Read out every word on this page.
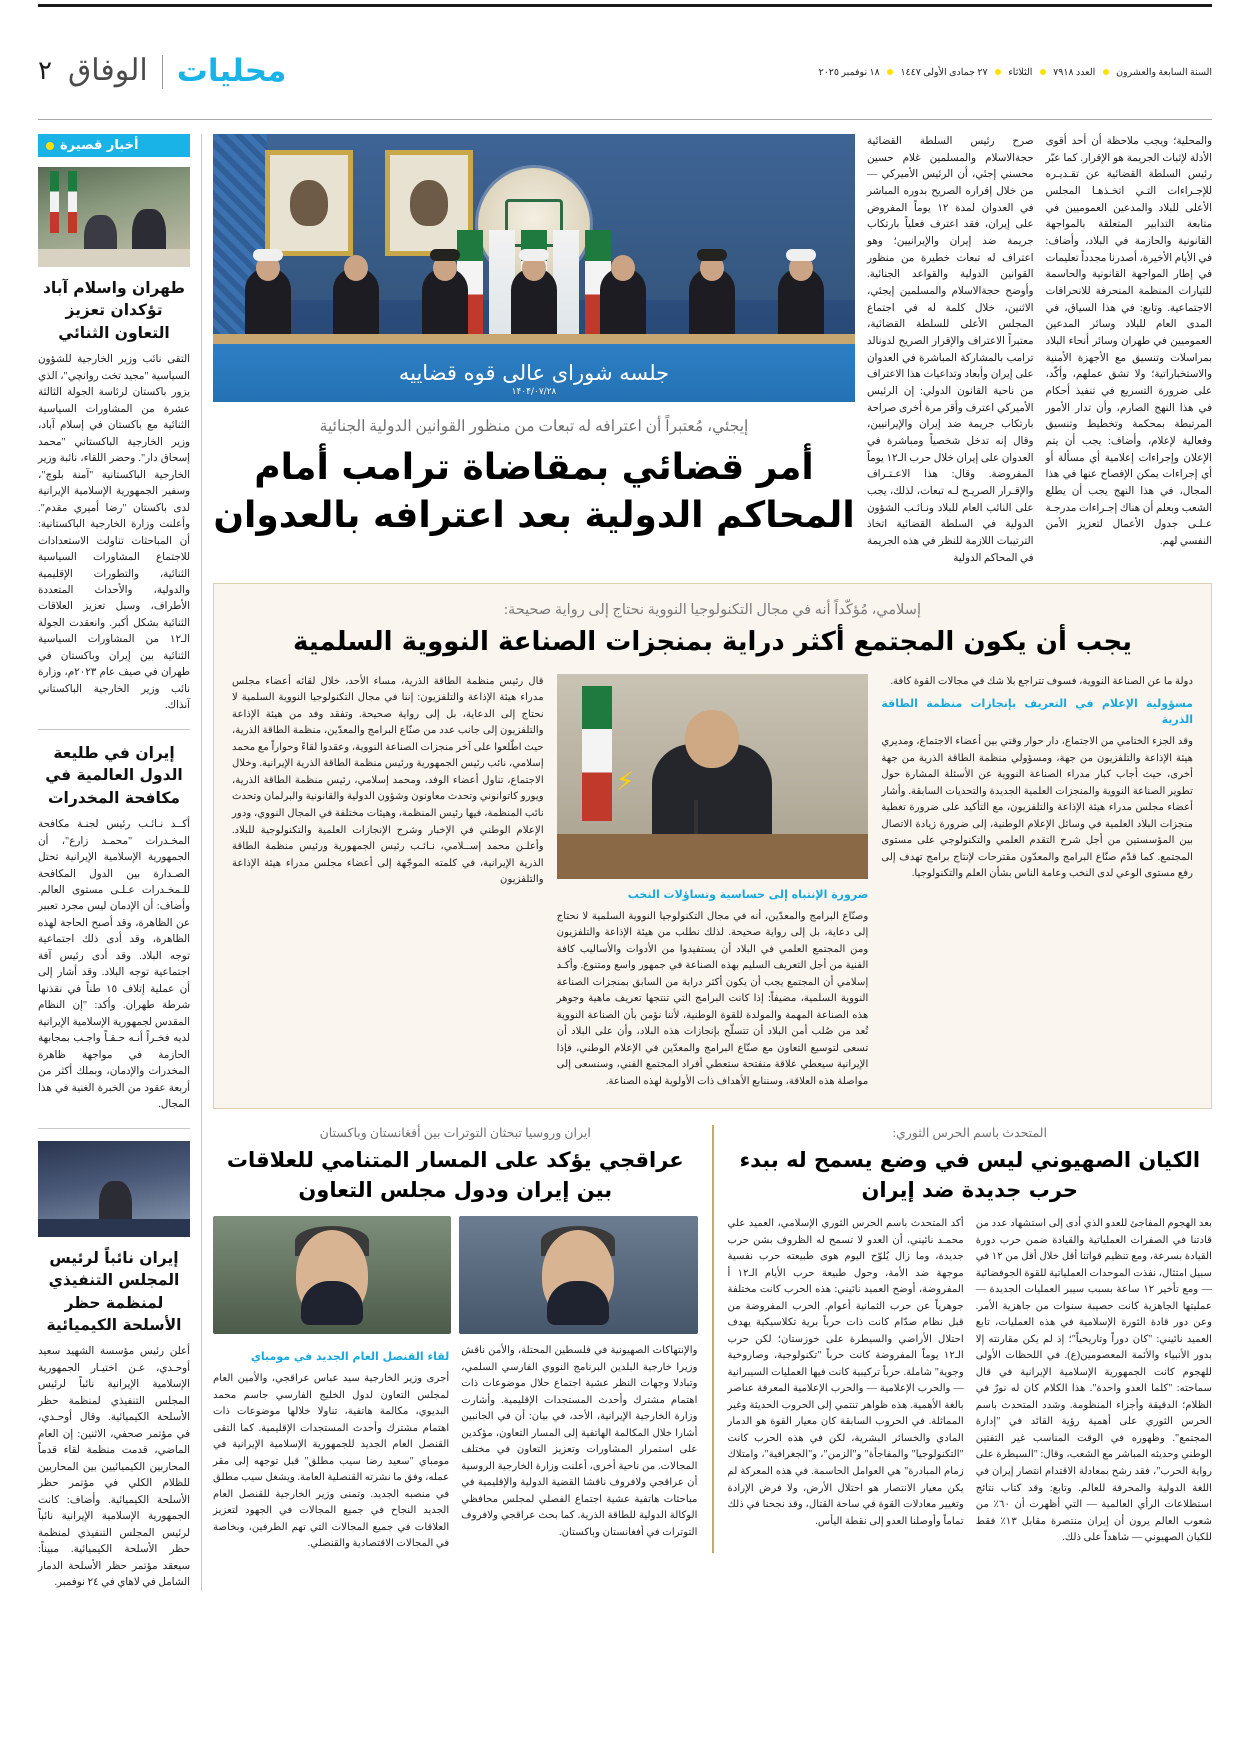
السنة السابعة والعشرون  العدد ٧٩١٨  الثلاثاء  ٢٧ جمادى الأولى ١٤٤٧  ١٨ نوفمبر ٢٠٢٥
محليات
الوفاق
٢
والمحلية؛ ويجب ملاحظة أن أحد أقوى الأدلة لإثبات الجريمة هو الإقرار. كما عبّر رئيس السلطة القضائية عن تقـديـره للإجـراءات التـي اتخـذهـا المجلس الأعلى للبلاد والمدعين العموميين في متابعة التدابير المتعلقة بالمواجهة القانونية والحازمة في البلاد، وأضاف: في الأيام الأخيرة، أصدرنا مجدداً تعليمات في إطار المواجهة القانونية والحاسمة للتيارات المنظمة المنحرفة للانحرافات الاجتماعية. وتابع: في هذا السياق، في المدى العام للبلاد وسائر المدعين العموميين في طهران وسائر أنحاء البلاد بمراسلات وتنسيق مع الأجهزة الأمنية والاستخباراتية؛ ولا تشق عملهم، وأكّد، على ضرورة التسريع في تنفيذ أحكام في هذا النهج الصارم، وأن تدار الأمور المرتبطة بمحكمة وتخطيط وتنسيق وفعالية لإعلام، وأضاف: يجب أن يتم الإعلان وإجراءات إعلامية أي مسألة أو أي إجراءات يمكن الإفصاح عنها في هذا المجال، في هذا النهج يجب أن يطلع الشعب وبعلم أن هناك إجـراءات مدرجـة عـلـى جدول الأعمال لتعزيز الأمن النفسي لهم.
صرح رئيس السلطة القضائية حجةالاسلام والمسلمين غلام حسين محسني إجئي، أن الرئيس الأميركي — من خلال إقراره الصريح بدوره المباشر في العدوان لمدة ١٢ يوماً المفروض على إيران، فقد اعترف فعلياً بارتكاب جريمة ضد إيران والإيرانيين؛ وهو اعتراف له تبعات خطيرة من منظور القوانين الدولية والقواعد الجنائية. وأوضح حجةالاسلام والمسلمين إيجئي، الاثنين، خلال كلمة له في اجتماع المجلس الأعلى للسلطة القضائية، معتبراً الاعتراف والإقرار الصريح لدونالد ترامب بالمشاركة المباشرة في العدوان على إيران وأبعاد وتداعيات هذا الاعتراف من ناحية القانون الدولي: إن الرئيس الأميركي اعترف وأقر مرة أخرى صراحة بارتكاب جريمة ضد إيران والإيرانيين، وقال إنه تدخل شخصياً ومباشرة في العدوان على إيران خلال حرب الـ١٢ يوماً المفروضة. وقال: هذا الاعـتـراف والإقـرار الصريـح لـه تبعات، لذلك، يجب على النائب العام للبلاد ونـائـب الشؤون الدولية في السلطة القضائية اتخاذ الترتيبات اللازمة للنظر في هذه الجريمة في المحاكم الدولية
جلسه شورای عالی قوه قضاییه
۱۴۰۴/۰۷/۲۸
إيجئي، مُعتبراً أن اعترافه له تبعات من منظور القوانين الدولية الجنائية
أمر قضائي بمقاضاة ترامب أمام المحاكم الدولية بعد اعترافه بالعدوان
إسلامي، مُؤكّداً أنه في مجال التكنولوجيا النووية نحتاج إلى رواية صحيحة:
يجب أن يكون المجتمع أكثر دراية بمنجزات الصناعة النووية السلمية
دولة ما عن الصناعة النووية، فسوف تتراجع بلا شك في مجالات القوة كافة.
مسؤولية الإعلام في التعريف بإنجازات منظمة الطاقة الذرية
وقد الجزء الختامي من الاجتماع، دار حوار وقتي بين أعضاء الاجتماع، ومديري هيئة الإذاعة والتلفزيون من جهة، ومسؤولي منظمة الطاقة الذرية من جهة أخرى، حيث أجاب كبار مدراء الصناعة النووية عن الأسئلة المشارة حول تطوير الصناعة النووية والمنجزات العلمية الجديدة والتحديات السابقة. وأشار أعضاء مجلس مدراء هيئة الإذاعة والتلفزيون، مع التأكيد على ضرورة تغطية منجزات البلاد العلمية في وسائل الإعلام الوطنية، إلى ضرورة زيادة الاتصال بين المؤسستين من أجل شرح التقدم العلمي والتكنولوجي على مستوى المجتمع. كما قدّم صنّاع البرامج والمعدّون مقترحات لإنتاج برامج تهدف إلى رفع مستوى الوعي لدى النخب وعامة الناس بشأن العلم والتكنولوجيا.
ضرورة الإنتباه إلى حساسية وتساؤلات النخب
وصنّاع البرامج والمعدّين، أنه في مجال التكنولوجيا النووية السلمية لا نحتاج إلى دعاية، بل إلى رواية صحيحة. لذلك نطلب من هيئة الإذاعة والتلفزيون ومن المجتمع العلمي في البلاد أن يستفيدوا من الأدوات والأساليب كافة الفنية من أجل التعريف السليم بهذه الصناعة في جمهور واسع ومتنوع. وأكـد إسلامي أن المجتمع يجب أن يكون أكثر دراية من السابق بمنجزات الصناعة النووية السلمية، مضيفاً: إذا كانت البرامج التي تنتجها تعريف ماهية وجوهر هذه الصناعة المهمة والمولدة للقوة الوطنية، لأننا نؤمن بأن الصناعة النووية تُعد من صُلب أمن البلاد أن تتسلّح بإنجازات هذه البلاد، وأن على البلاد أن تسعى لتوسيع التعاون مع صنّاع البرامج والمعدّين في الإعلام الوطني، فإذا الإيرانية سيعطي علاقة منفتحة ستعطي أفراد المجتمع الفني، وسنسعى إلى مواصلة هذه العلاقة، وسننابع الأهداف ذات الأولوية لهذه الصناعة.
قال رئيس منظمة الطاقة الذرية، مساء الأحد، خلال لقائه أعضاء مجلس مدراء هيئة الإذاعة والتلفزيون: إننا في مجال التكنولوجيا النووية السلمية لا نحتاج إلى الدعاية، بل إلى رواية صحيحة. وتفقد وفد من هيئة الإذاعة والتلفزيون إلى جانب عدد من صنّاع البرامج والمعدّين، منظمة الطاقة الذرية، حيث اطّلعوا على آخر منجزات الصناعة النووية، وعقدوا لقاءً وحواراً مع محمد إسلامي، نائب رئيس الجمهورية ورئيس منظمة الطاقة الذرية الإيرانية. وخلال الاجتماع، تناول أعضاء الوفد، ومحمد إسلامي، رئيس منظمة الطاقة الذرية، ويورو كاتوانوني وتحدث معاونون وشؤون الدولية والقانونية والبرلمان وتحدث نائب المنظمة، فيها رئيس المنظمة، وهيئات مختلفة في المجال النووي، ودور الإعلام الوطني في الإخبار وشرح الإنجازات العلمية والتكنولوجية للبلاد. وأعلـن محمد إســلامي، نـائـب رئيس الجمهورية ورئيس منظمة الطاقة الذرية الإيرانية، في كلمته الموجّهة إلى أعضاء مجلس مدراء هيئة الإذاعة والتلفزيون
المتحدث باسم الحرس الثوري:
الكيان الصهيوني ليس في وضع يسمح له ببدء حرب جديدة ضد إيران
بعد الهجوم المفاجئ للعدو الذي أدى إلى استشهاد عدد من قادتنا في الصفرات العملياتية والقيادة ضمن حرب دورة القيادة بسرعة، ومع تنظيم قواتنا أقل خلال أقل من ١٢ في سبيل امتثال، نفذت الموحدات العملياتية للقوة الجوفضائية — ومع تأخير ١٢ ساعة بسبب سيبر العمليات الجديدة — عمليتها الجاهزية كانت حصيبة سنوات من جاهزية الأمر. وعن دور قادة الثورة الإسلامية في هذه العمليات، تابع العميد نائيني: "كان دوراً وتاريخياً"؛ إذ لم يكن مقارنته إلا بدور الأنبياء والأئمة المعصومين(ع). في اللحظات الأولى للهجوم كانت الجمهورية الإسلامية الإيرانية في قال سماحته: "كلما العدو واحدة". هذا الكلام كان له نورٌ في الظلام؛ الدقيقة وأجزاء المنظومة. وشدد المتحدث باسم الحرس الثوري على أهمية رؤية القائد في "إدارة المجتمع". وظهوره في الوقت المناسب غير التفتين الوطني وحديثه المباشر مع الشعب، وقال: "السيطرة على رواية الحرب"، فقد رشح بمعادلة الاقتدام انتصار إيران في اللغة الدولية والمحرفة للعالم. وتابع: وقد كتاب نتائج استطلاعات الرأي العالمية — التي أظهرت أن ٦٠٪ من شعوب العالم يرون أن إيران منتصرة مقابل ١٣٪ فقط للكيان الصهيوني — شاهداً على ذلك.
أكد المتحدث باسم الحرس الثوري الإسلامي، العميد علي محمـد نائيني، أن العدو لا تسمح له الظروف بشن حرب جديدة، وما زال يُلوّح اليوم هوى طبيعته حرب نفسية موجهة ضد الأمة، وحول طبيعة حرب الأيام الـ١٢ أ المفروضة، أوضح العميد نائيني: هذه الحرب كانت مختلفة جوهرياً عن حرب الثمانية أعوام. الحرب المفروضة من قبل نظام صدّام كانت ذات حرباً برية تكلاسيكية يهدف احتلال الأراضي والسيطرة على خوزستان؛ لكن حرب الـ١٢ يوماً المفروضة كانت حرباً "تكنولوجية، وصاروخية وجوية" شاملة. حرباً تركيبية كانت فيها العمليات السيبرانية — والحرب الإعلامية — والحرب الإعلامية المعرفة عناصر بالغة الأهمية. هذه ظواهر تنتمي إلى الحروب الحديثة وغير المماثلة. في الحروب السابقة كان معيار القوة هو الدمار المادي والخسائر البشرية، لكن في هذه الحرب كانت "التكنولوجيا" والمفاجأة" و"الزمن"، و"الجغرافية"، وامتلاك زمام المبادرة" هي العوامل الحاسمة. في هذه المعركة لم يكن معيار الانتصار هو احتلال الأرض، ولا فرض الإرادة وتغيير معادلات القوة في ساحة القتال، وقد نجحنا في ذلك تماماً وأوصلنا العدو إلى نقطة اليأس.
ايران وروسيا تبحثان التوترات بين أفغانستان وباكستان
عراقجي يؤكد على المسار المتنامي للعلاقات بين إيران ودول مجلس التعاون
⚡
والإنتهاكات الصهيونية في فلسطين المحتلة، والأمن ناقش وزيرا خارجية البلدين البرنامج النووي الفارسي السلمي، وتبادلا وجهات النظر عشية اجتماع حلال موضوعات ذات اهتمام مشترك وأحدث المستجدات الإقليمية. وأشارت وزارة الخارجية الإيرانية، الأحد، في بيان: أن في الجانبين أشارا خلال المكالمة الهاتفية إلى المسار التعاون، مؤكدين على استمرار المشاورات وتعزيز التعاون في مختلف المجالات. من ناحية أخرى، أعلنت وزارة الخارجية الروسية أن عراقجي ولافروف ناقشا القضية الدولية والإقليمية في مباحثات هاتفية عشية اجتماع الفصلي لمجلس محافظي الوكالة الدولية للطاقة الذرية. كما بحث عراقجي ولافروف التوترات في أفغانستان وباكستان.
لقاء القنصل العام الجديد في مومباي
أجرى وزير الخارجية سيد عباس عراقجي، والأمين العام لمجلس التعاون لدول الخليج الفارسي جاسم محمد البديوي، مكالمة هاتفية، تناولا خلالها موضوعات ذات اهتمام مشترك وأحدث المستجدات الإقليمية. كما التقى القنصل العام الجديد للجمهورية الإسلامية الإيرانية في مومباي "سعيد رضا سيب مطلق" قبل توجهه إلى مقر عمله، وفق ما نشرته القنصلية العامة. ويشغل سيب مطلق في منصبه الجديد. وتمنى وزير الخارجية للقنصل العام الجديد النجاح في جميع المجالات في الجهود لتعزيز العلاقات في جميع المجالات التي تهم الطرفين، وبخاصة في المجالات الاقتصادية والقنصلي.
أخبار قصيرة
طهران واسلام آباد تؤكدان تعزيز التعاون الثنائي
التقى نائب وزير الخارجية للشؤون السياسية "مجيد تخت روانچي"، الذي يزور باكستان لرئاسة الجولة الثالثة عشرة من المشاورات السياسية الثنائية مع باكستان في إسلام آباد، وزير الخارجية الباكستاني "محمد إسحاق دار". وحضر اللقاء، نائبة وزير الخارجية الباكستانية "آمنة بلوچ"، وسفير الجمهورية الإسلامية الإيرانية لدى باكستان "رضا أميري مقدم". وأعلنت وزارة الخارجية الباكستانية: أن المباحثات تناولت الاستعدادات للاجتماع المشاورات السياسية الثنائية، والتطورات الإقليمية والدولية، والأحداث المتعددة الأطراف، وسبل تعزيز العلاقات الثنائية بشكل أكبر. وانعقدت الجولة الـ١٢ من المشاورات السياسية الثنائية بين إيران وباكستان في طهران في صيف عام ٢٠٢٣م، وزارة نائب وزير الخارجية الباكستاني آنذاك.
إيران في طليعة الدول العالمية في مكافحة المخدرات
أكــد نـائـب رئيس لجنـة مكافحة المخـدرات "محمـد زارع"، أن الجمهورية الإسلامية الإيرانية تحتل الصـدارة بين الدول المكافحة للـمخـدرات عـلـى مستوى العالم. وأضاف: أن الإدمان ليس مجرد تعبير عن الظاهرة، وقد أصبح الحاجة لهذه الظاهرة، وقد أدى ذلك اجتماعية توجه البلاد. وقد أدى رئيس آفة اجتماعية توجه البلاد. وقد أشار إلى أن عملية إتلاف ١٥ طناً في نقذنها شرطة طهران. وأكد: "إن النظام المقدس لجمهورية الإسلامية الإيرانية لديه فخـراً أنـه حـقـاً واجـب بمجابهة الحازمة في مواجهة ظاهرة المخدرات والإدمان، وبملك أكثر من أربعة عقود من الخبرة الغنية في هذا المجال.
إيران نائباً لرئيس المجلس التنفيذي لمنظمة حظر الأسلحة الكيميائية
أعلن رئيس مؤسسة الشهيد سعيد أوحـدي، عـن اختيـار الجمهورية الإسلامية الإيرانية نائباً لرئيس المجلس التنفيذي لمنظمة حظر الأسلحة الكيميائية. وقال أوحـدي، في مؤتمر صحفي، الاثنين: إن العام الماضي، قدمت منظمة لقاء قدماً المحاربين الكيميائيين بين المحاربين للظلام الكلي في مؤتمر حظر الأسلحة الكيميائية. وأضاف: كانت الجمهورية الإسلامية الإيرانية نائباً لرئيس المجلس التنفيذي لمنظمة حظر الأسلحة الكيميائية. مبيناً: سيعقد مؤتمر حظر الأسلحة الدمار الشامل في لاهاي في ٢٤ نوفمبر.
